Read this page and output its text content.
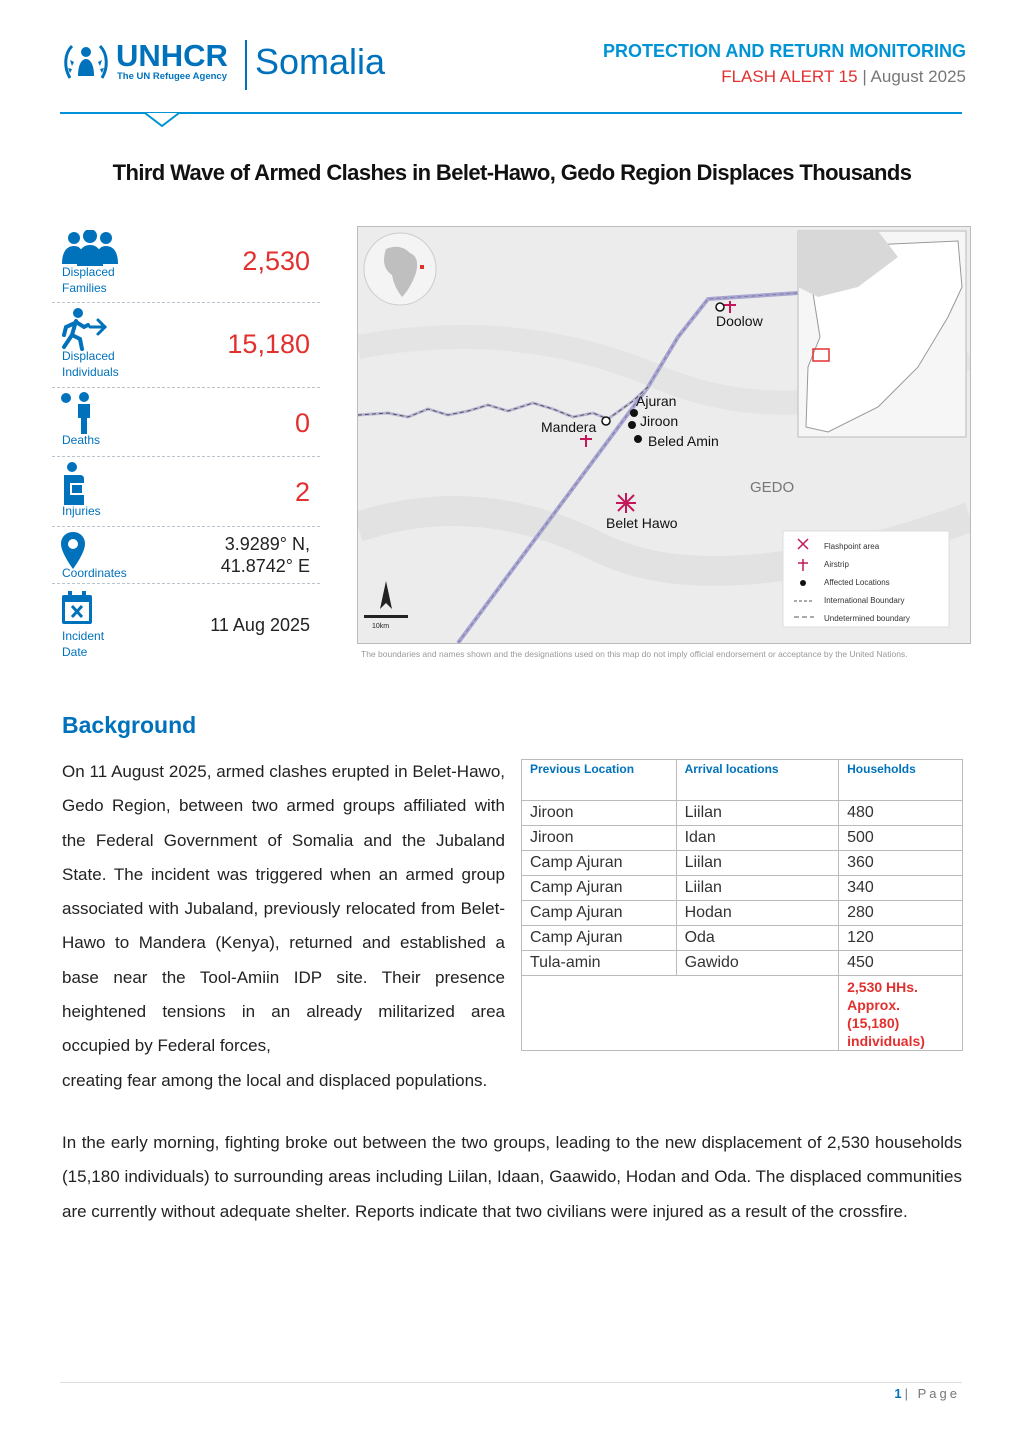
UNHCR
The UN Refugee Agency Somalia	PROTECTION AND RETURN MONITORING
FLASH ALERT 15 | August 2025
Third Wave of Armed Clashes in Belet-Hawo, Gedo Region Displaces Thousands
Displaced Families
2,530
Displaced Individuals
15,180
Deaths
0
Injuries
2
Coordinates
3.9289° N,
41.8742° E
Incident Date
11 Aug 2025
Doolow
Ajuran
Jiroon
Mandera
Beled Amin
Belet Hawo
GEDO
Flashpoint area
Airstrip
Affected Locations
International Boundary
Undetermined boundary
10km
The boundaries and names shown and the designations used on this map do not imply official endorsement or acceptance by the United Nations.
Background
On 11 August 2025, armed clashes erupted in Belet-Hawo, Gedo Region, between two armed groups affiliated with the Federal Government of Somalia and the Jubaland State. The incident was triggered when an armed group associated with Jubaland, previously relocated from Belet-Hawo to Mandera (Kenya), returned and established a base near the Tool-Amiin IDP site. Their presence heightened tensions in an already militarized area occupied by Federal forces,
creating fear among the local and displaced populations.
Previous Location	Arrival locations	Households
Jiroon	Liilan	480
Jiroon	Idan	500
Camp Ajuran	Liilan	360
Camp Ajuran	Liilan	340
Camp Ajuran	Hodan	280
Camp Ajuran	Oda	120
Tula-amin	Gawido	450
		2,530 HHs. Approx. (15,180) individuals)
In the early morning, fighting broke out between the two groups, leading to the new displacement of 2,530 households (15,180 individuals) to surrounding areas including Liilan, Idaan, Gaawido, Hodan and Oda. The displaced communities are currently without adequate shelter. Reports indicate that two civilians were injured as a result of the crossfire.
1| Page
